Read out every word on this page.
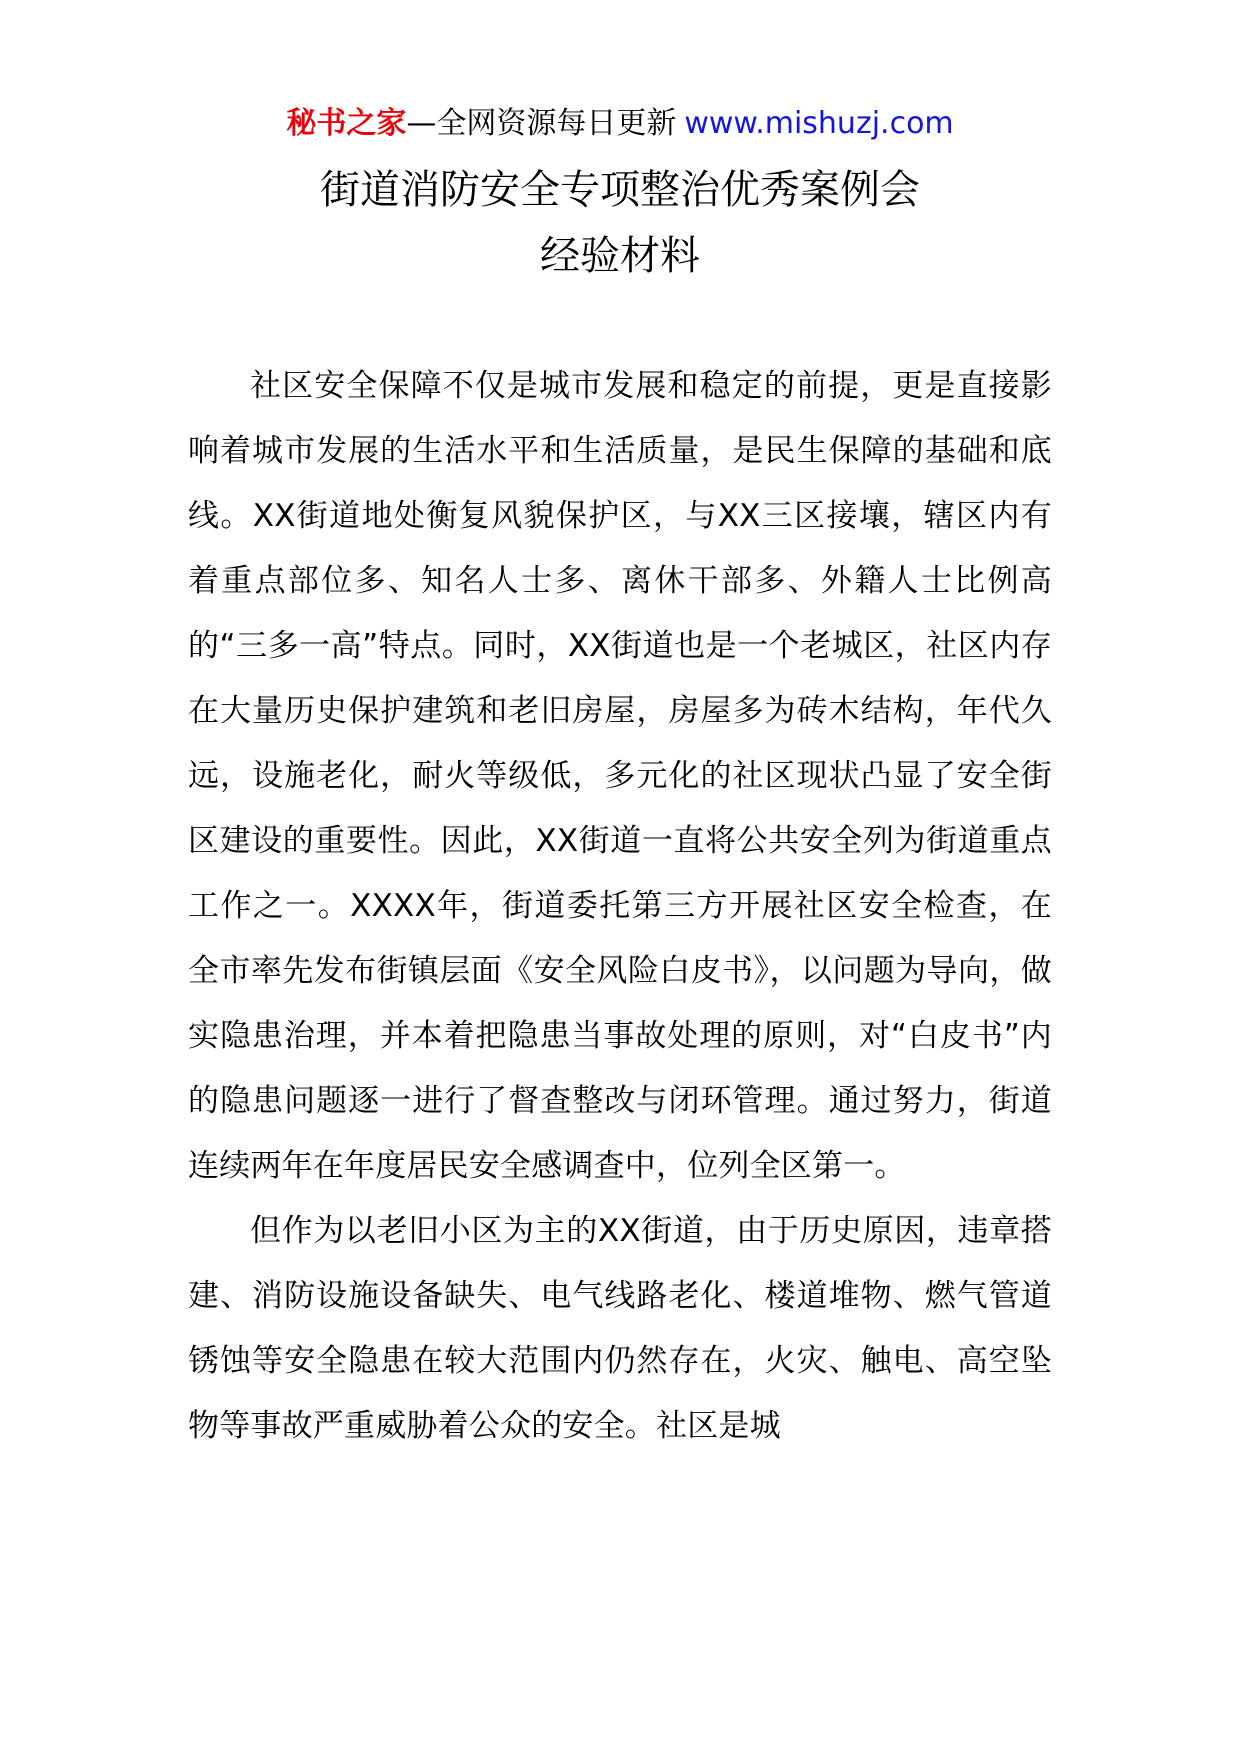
秘书之家—全网资源每日更新 www.mishuzj.com
街道消防安全专项整治优秀案例会
经验材料

社区安全保障不仅是城市发展和稳定的前提，更是直接影响着城市发展的生活水平和生活质量，是民生保障的基础和底线。XX街道地处衡复风貌保护区，与XX三区接壤，辖区内有着重点部位多、知名人士多、离休干部多、外籍人士比例高的“三多一高”特点。同时，XX街道也是一个老城区，社区内存在大量历史保护建筑和老旧房屋，房屋多为砖木结构，年代久远，设施老化，耐火等级低，多元化的社区现状凸显了安全街区建设的重要性。因此，XX街道一直将公共安全列为街道重点工作之一。XXXX年，街道委托第三方开展社区安全检查，在全市率先发布街镇层面《安全风险白皮书》，以问题为导向，做实隐患治理，并本着把隐患当事故处理的原则，对“白皮书”内的隐患问题逐一进行了督查整改与闭环管理。通过努力，街道连续两年在年度居民安全感调查中，位列全区第一。

但作为以老旧小区为主的XX街道，由于历史原因，违章搭建、消防设施设备缺失、电气线路老化、楼道堆物、燃气管道锈蚀等安全隐患在较大范围内仍然存在，火灾、触电、高空坠物等事故严重威胁着公众的安全。社区是城
